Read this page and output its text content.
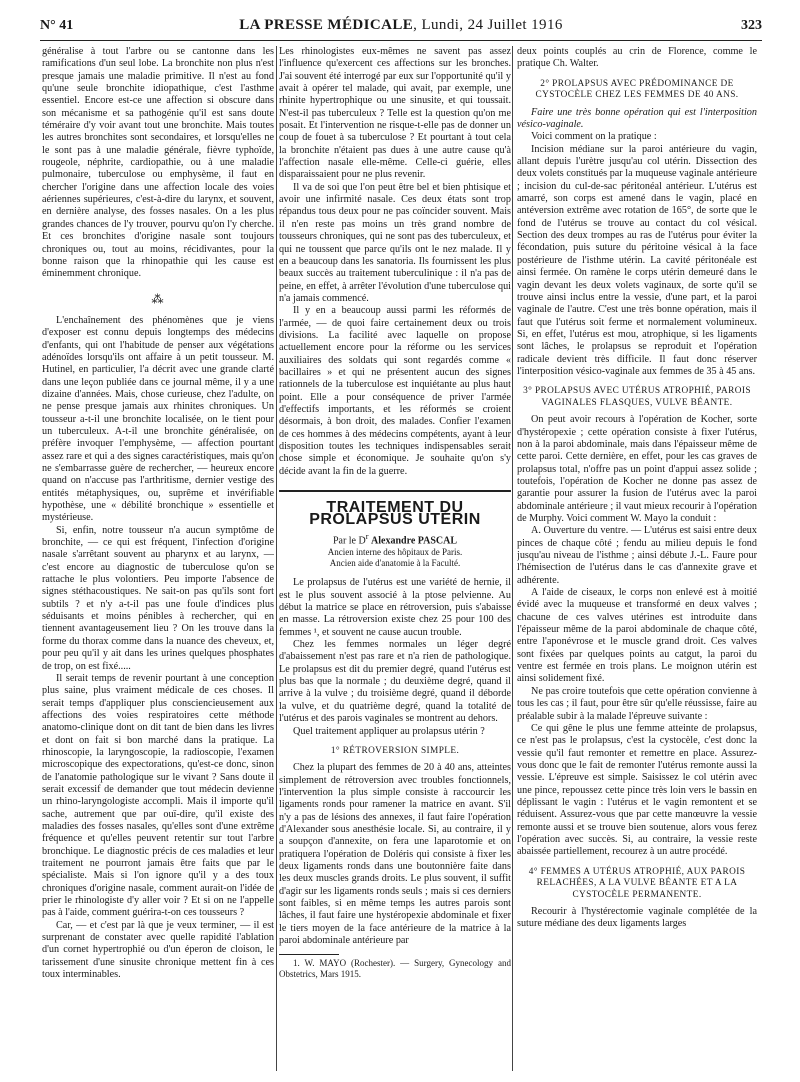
N° 41	LA PRESSE MÉDICALE, Lundi, 24 Juillet 1916	323

généralise à tout l'arbre ou se cantonne dans les ramifications d'un seul lobe. La bronchite non plus n'est presque jamais une maladie primitive. Il n'est au fond qu'une seule bronchite idiopathique, c'est l'asthme essentiel. Encore est-ce une affection si obscure dans son mécanisme et sa pathogénie qu'il est sans doute téméraire d'y voir avant tout une bronchite. Mais toutes les autres bronchites sont secondaires, et lorsqu'elles ne le sont pas à une maladie générale, fièvre typhoïde, rougeole, néphrite, cardiopathie, ou à une maladie pulmonaire, tuberculose ou emphysème, il faut en chercher l'origine dans une affection locale des voies aériennes supérieures, c'est-à-dire du larynx, et souvent, en dernière analyse, des fosses nasales. On a les plus grandes chances de l'y trouver, pourvu qu'on l'y cherche. Et ces bronchites d'origine nasale sont toujours chroniques ou, tout au moins, récidivantes, pour la bonne raison que la rhinopathie qui les cause est éminemment chronique.

⁂

L'enchaînement des phénomènes que je viens d'exposer est connu depuis longtemps des médecins d'enfants, qui ont l'habitude de penser aux végétations adénoïdes lorsqu'ils ont affaire à un petit tousseur. M. Hutinel, en particulier, l'a décrit avec une grande clarté dans une leçon publiée dans ce journal même, il y a une dizaine d'années. Mais, chose curieuse, chez l'adulte, on ne pense presque jamais aux rhinites chroniques. Un tousseur a-t-il une bronchite localisée, on le tient pour un tuberculeux. A-t-il une bronchite généralisée, on préfère invoquer l'emphysème, — affection pourtant assez rare et qui a des signes caractéristiques, mais qu'on ne s'embarrasse guère de rechercher, — heureux encore quand on n'accuse pas l'arthritisme, dernier vestige des entités métaphysiques, ou, suprême et invérifiable hypothèse, une « débilité bronchique » essentielle et mystérieuse.

Si, enfin, notre tousseur n'a aucun symptôme de bronchite, — ce qui est fréquent, l'infection d'origine nasale s'arrêtant souvent au pharynx et au larynx, — c'est encore au diagnostic de tuberculose qu'on se rattache le plus volontiers. Peu importe l'absence de signes stéthacoustiques. Ne sait-on pas qu'ils sont fort subtils ? et n'y a-t-il pas une foule d'indices plus séduisants et moins pénibles à rechercher, qui en tiennent avantageusement lieu ? On les trouve dans la forme du thorax comme dans la nuance des cheveux, et, pour peu qu'il y ait dans les urines quelques phosphates de trop, on est fixé.....

Il serait temps de revenir pourtant à une conception plus saine, plus vraiment médicale de ces choses. Il serait temps d'appliquer plus consciencieusement aux affections des voies respiratoires cette méthode anatomo-clinique dont on dit tant de bien dans les livres et dont on fait si bon marché dans la pratique. La rhinoscopie, la laryngoscopie, la radioscopie, l'examen microscopique des expectorations, qu'est-ce donc, sinon de l'anatomie pathologique sur le vivant ? Sans doute il serait excessif de demander que tout médecin devienne un rhino-laryngologiste accompli. Mais il importe qu'il sache, autrement que par ouï-dire, qu'il existe des maladies des fosses nasales, qu'elles sont d'une extrême fréquence et qu'elles peuvent retentir sur tout l'arbre bronchique. Le diagnostic précis de ces maladies et leur traitement ne pourront jamais être faits que par le spécialiste. Mais si l'on ignore qu'il y a des toux chroniques d'origine nasale, comment aurait-on l'idée de prier le rhinologiste d'y aller voir ? Et si on ne l'appelle pas à l'aide, comment guérira-t-on ces tousseurs ?

Car, — et c'est par là que je veux terminer, — il est surprenant de constater avec quelle rapidité l'ablation d'un cornet hypertrophié ou d'un éperon de cloison, le tarissement d'une sinusite chronique mettent fin à ces toux interminables.

Les rhinologistes eux-mêmes ne savent pas assez l'influence qu'exercent ces affections sur les bronches. J'ai souvent été interrogé par eux sur l'opportunité qu'il y avait à opérer tel malade, qui avait, par exemple, une rhinite hypertrophique ou une sinusite, et qui toussait. N'est-il pas tuberculeux ? Telle est la question qu'on me posait. Et l'intervention ne risque-t-elle pas de donner un coup de fouet à sa tuberculose ? Et pourtant à tout cela la bronchite n'étaient pas dues à une autre cause qu'à l'affection nasale elle-même. Celle-ci guérie, elles disparaissaient pour ne plus revenir.

Il va de soi que l'on peut être bel et bien phtisique et avoir une infirmité nasale. Ces deux états sont trop répandus tous deux pour ne pas coïncider souvent. Mais il n'en reste pas moins un très grand nombre de tousseurs chroniques, qui ne sont pas des tuberculeux, et qui ne toussent que parce qu'ils ont le nez malade. Il y en a beaucoup dans les sanatoria. Ils fournissent les plus beaux succès au traitement tuberculinique : il n'a pas de peine, en effet, à arrêter l'évolution d'une tuberculose qui n'a jamais commencé.

Il y en a beaucoup aussi parmi les réformés de l'armée, — de quoi faire certainement deux ou trois divisions. La facilité avec laquelle on propose actuellement encore pour la réforme ou les services auxiliaires des soldats qui sont regardés comme « bacillaires » et qui ne présentent aucun des signes rationnels de la tuberculose est inquiétante au plus haut point. Elle a pour conséquence de priver l'armée d'effectifs importants, et les réformés se croient désormais, à bon droit, des malades. Confier l'examen de ces hommes à des médecins compétents, ayant à leur disposition toutes les techniques indispensables serait chose simple et économique. Je souhaite qu'on s'y décide avant la fin de la guerre.

TRAITEMENT DU PROLAPSUS UTÉRIN
Par le $D^r$ Alexandre PASCAL
Ancien interne des hôpitaux de Paris.
Ancien aide d'anatomie à la Faculté.

Le prolapsus de l'utérus est une variété de hernie, il est le plus souvent associé à la ptose pelvienne. Au début la matrice se place en rétroversion, puis s'abaisse en masse. La rétroversion existe chez 25 pour 100 des femmes ¹, et souvent ne cause aucun trouble.

Chez les femmes normales un léger degré d'abaissement n'est pas rare et n'a rien de pathologique. Le prolapsus est dit du premier degré, quand l'utérus est plus bas que la normale ; du deuxième degré, quand il arrive à la vulve ; du troisième degré, quand il déborde la vulve, et du quatrième degré, quand la totalité de l'utérus et des parois vaginales se montrent au dehors.

Quel traitement appliquer au prolapsus utérin ?

1° RÉTROVERSION SIMPLE.

Chez la plupart des femmes de 20 à 40 ans, atteintes simplement de rétroversion avec troubles fonctionnels, l'intervention la plus simple consiste à raccourcir les ligaments ronds pour ramener la matrice en avant. S'il n'y a pas de lésions des annexes, il faut faire l'opération d'Alexander sous anesthésie locale. Si, au contraire, il y a soupçon d'annexite, on fera une laparotomie et on pratiquera l'opération de Doléris qui consiste à fixer les deux ligaments ronds dans une boutonnière faite dans les deux muscles grands droits. Le plus souvent, il suffit d'agir sur les ligaments ronds seuls ; mais si ces derniers sont faibles, si en même temps les autres parois sont lâches, il faut faire une hystéropexie abdominale et fixer le tiers moyen de la face antérieure de la matrice à la paroi abdominale antérieure par

1. W. MAYO (Rochester). — Surgery, Gynecology and Obstetrics, Mars 1915.

deux points couplés au crin de Florence, comme le pratique Ch. Walter.

2° PROLAPSUS AVEC PRÉDOMINANCE DE CYSTOCÈLE CHEZ LES FEMMES DE 40 ANS.

Faire une très bonne opération qui est l'interposition vésico-vaginale.

Voici comment on la pratique :

Incision médiane sur la paroi antérieure du vagin, allant depuis l'urètre jusqu'au col utérin. Dissection des deux volets constitués par la muqueuse vaginale antérieure ; incision du cul-de-sac péritonéal antérieur. L'utérus est amarré, son corps est amené dans le vagin, placé en antéversion extrême avec rotation de 165°, de sorte que le fond de l'utérus se trouve au contact du col vésical. Section des deux trompes au ras de l'utérus pour éviter la fécondation, puis suture du péritoine vésical à la face postérieure de l'isthme utérin. La cavité péritonéale est ainsi fermée. On ramène le corps utérin demeuré dans le vagin devant les deux volets vaginaux, de sorte qu'il se trouve ainsi inclus entre la vessie, d'une part, et la paroi vaginale de l'autre. C'est une très bonne opération, mais il faut que l'utérus soit ferme et normalement volumineux. Si, en effet, l'utérus est mou, atrophique, si les ligaments sont lâches, le prolapsus se reproduit et l'opération radicale devient très difficile. Il faut donc réserver l'interposition vésico-vaginale aux femmes de 35 à 45 ans.

3° PROLAPSUS AVEC UTÉRUS ATROPHIÉ, PAROIS VAGINALES FLASQUES, VULVE BÉANTE.

On peut avoir recours à l'opération de Kocher, sorte d'hystéropexie ; cette opération consiste à fixer l'utérus, non à la paroi abdominale, mais dans l'épaisseur même de cette paroi. Cette dernière, en effet, pour les cas graves de prolapsus total, n'offre pas un point d'appui assez solide ; toutefois, l'opération de Kocher ne donne pas assez de garantie pour assurer la fusion de l'utérus avec la paroi abdominale antérieure ; il vaut mieux recourir à l'opération de Murphy. Voici comment W. Mayo la conduit :

A. Ouverture du ventre. — L'utérus est saisi entre deux pinces de chaque côté ; fendu au milieu depuis le fond jusqu'au niveau de l'isthme ; ainsi débute J.-L. Faure pour l'hémisection de l'utérus dans le cas d'annexite grave et adhérente.

A l'aide de ciseaux, le corps non enlevé est à moitié évidé avec la muqueuse et transformé en deux valves ; chacune de ces valves utérines est introduite dans l'épaisseur même de la paroi abdominale de chaque côté, entre l'aponévrose et le muscle grand droit. Ces valves sont fixées par quelques points au catgut, la paroi du ventre est fermée en trois plans. Le moignon utérin est ainsi solidement fixé.

Ne pas croire toutefois que cette opération convienne à tous les cas ; il faut, pour être sûr qu'elle réussisse, faire au préalable subir à la malade l'épreuve suivante :

Ce qui gêne le plus une femme atteinte de prolapsus, ce n'est pas le prolapsus, c'est la cystocèle, c'est donc la vessie qu'il faut remonter et remettre en place. Assurez-vous donc que le fait de remonter l'utérus remonte aussi la vessie. L'épreuve est simple. Saisissez le col utérin avec une pince, repoussez cette pince très loin vers le bassin en déplissant le vagin : l'utérus et le vagin remontent et se réduisent. Assurez-vous que par cette manœuvre la vessie remonte aussi et se trouve bien soutenue, alors vous ferez l'opération avec succès. Si, au contraire, la vessie reste abaissée partiellement, recourez à un autre procédé.

4° FEMMES A UTÉRUS ATROPHIÉ, AUX PAROIS RELACHÉES, A LA VULVE BÉANTE ET A LA CYSTOCÈLE PERMANENTE.

Recourir à l'hystérectomie vaginale complétée de la suture médiane des deux ligaments larges
